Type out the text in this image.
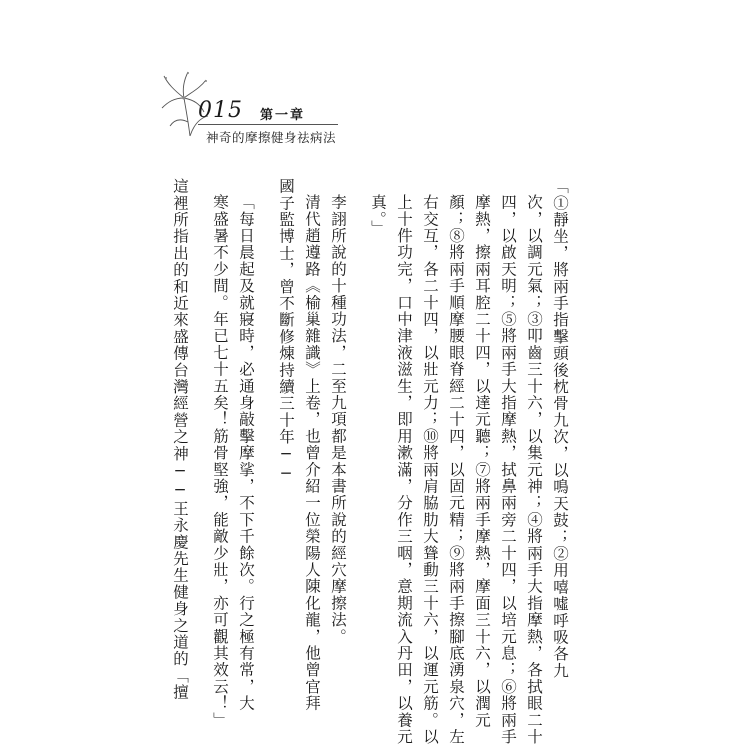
015 第一章
神奇的摩擦健身祛病法
「①靜坐，將兩手指擊頭後枕骨九次，以鳴天鼓；②用嘻噓呼吸各九
次，以調元氣；③叩齒三十六，以集元神；④將兩手大指摩熱，各拭眼二十
四，以啟天明；⑤將兩手大指摩熱，拭鼻兩旁二十四，以培元息；⑥將兩手
摩熱，擦兩耳腔二十四，以達元聽；⑦將兩手摩熱，摩面三十六，以潤元
顏；⑧將兩手順摩腰眼脊經二十四，以固元精；⑨將兩手擦腳底湧泉穴，左
右交互，各二十四，以壯元力；⑩將兩肩脇肋大聳動三十六，以運元筋。以
上十件功完，口中津液滋生，即用漱滿，分作三咽，意期流入丹田，以養元
真。」
李詡所說的十種功法，二至九項都是本書所說的經穴摩擦法。
清代趙遵路《榆巢雜識》上卷，也曾介紹一位榮陽人陳化龍，他曾官拜
國子監博士，曾不斷修煉持續三十年──
「每日晨起及就寢時，必通身敲擊摩挲，不下千餘次。行之極有常，大
寒盛暑不少間。年已七十五矣！筋骨堅強，能敵少壯，亦可觀其效云！」
這裡所指出的和近來盛傳台灣經營之神──王永慶先生健身之道的「擅
